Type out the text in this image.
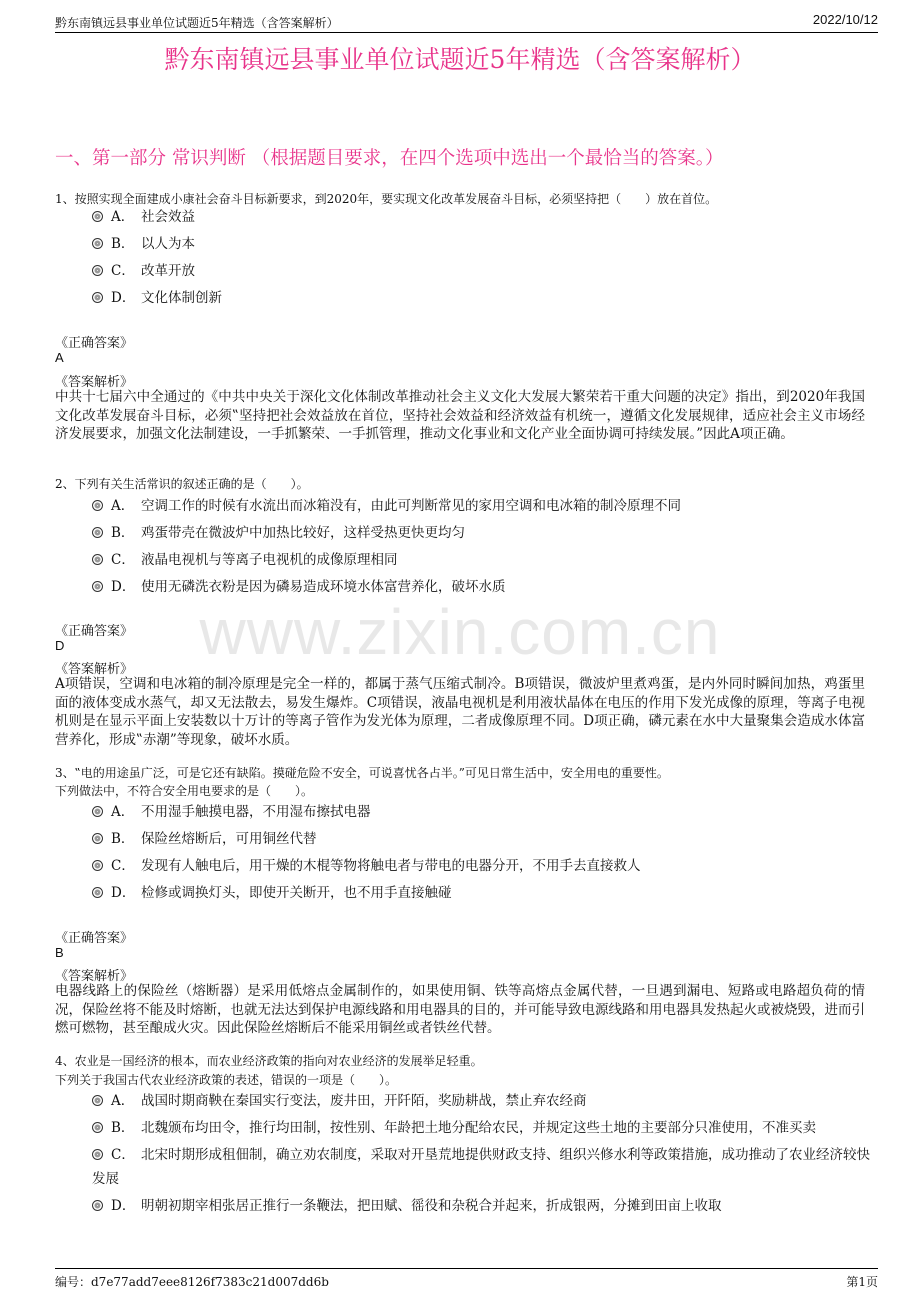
黔东南镇远县事业单位试题近5年精选（含答案解析）	2022/10/12
黔东南镇远县事业单位试题近5年精选（含答案解析）
一、第一部分 常识判断 （根据题目要求，在四个选项中选出一个最恰当的答案。）
www.zixin.com.cn
1、按照实现全面建成小康社会奋斗目标新要求，到2020年，要实现文化改革发展奋斗目标，必须坚持把（　　）放在首位。
A． 社会效益
B． 以人为本
C． 改革开放
D． 文化体制创新
《正确答案》
A
《答案解析》
中共十七届六中全通过的《中共中央关于深化文化体制改革推动社会主义文化大发展大繁荣若干重大问题的决定》指出，到2020年我国文化改革发展奋斗目标，必须‟坚持把社会效益放在首位，坚持社会效益和经济效益有机统一，遵循文化发展规律，适应社会主义市场经济发展要求，加强文化法制建设，一手抓繁荣、一手抓管理，推动文化事业和文化产业全面协调可持续发展。”因此A项正确。
2、下列有关生活常识的叙述正确的是（　　）。
A． 空调工作的时候有水流出而冰箱没有，由此可判断常见的家用空调和电冰箱的制冷原理不同
B． 鸡蛋带壳在微波炉中加热比较好，这样受热更快更均匀
C． 液晶电视机与等离子电视机的成像原理相同
D． 使用无磷洗衣粉是因为磷易造成环境水体富营养化，破坏水质
《正确答案》
D
《答案解析》
A项错误，空调和电冰箱的制冷原理是完全一样的，都属于蒸气压缩式制冷。B项错误，微波炉里煮鸡蛋，是内外同时瞬间加热，鸡蛋里面的液体变成水蒸气，却又无法散去，易发生爆炸。C项错误，液晶电视机是利用液状晶体在电压的作用下发光成像的原理，等离子电视机则是在显示平面上安装数以十万计的等离子管作为发光体为原理，二者成像原理不同。D项正确，磷元素在水中大量聚集会造成水体富营养化，形成‟赤潮”等现象，破坏水质。
3、‟电的用途虽广泛，可是它还有缺陷。摸碰危险不安全，可说喜忧各占半。”可见日常生活中，安全用电的重要性。
下列做法中，不符合安全用电要求的是（　　）。
A． 不用湿手触摸电器，不用湿布擦拭电器
B． 保险丝熔断后，可用铜丝代替
C． 发现有人触电后，用干燥的木棍等物将触电者与带电的电器分开，不用手去直接救人
D． 检修或调换灯头，即使开关断开，也不用手直接触碰
《正确答案》
B
《答案解析》
电器线路上的保险丝（熔断器）是采用低熔点金属制作的，如果使用铜、铁等高熔点金属代替，一旦遇到漏电、短路或电路超负荷的情况，保险丝将不能及时熔断，也就无法达到保护电源线路和用电器具的目的，并可能导致电源线路和用电器具发热起火或被烧毁，进而引燃可燃物，甚至酿成火灾。因此保险丝熔断后不能采用铜丝或者铁丝代替。
4、农业是一国经济的根本，而农业经济政策的指向对农业经济的发展举足轻重。
下列关于我国古代农业经济政策的表述，错误的一项是（　　）。
A． 战国时期商鞅在秦国实行变法，废井田，开阡陌，奖励耕战，禁止弃农经商
B． 北魏颁布均田令，推行均田制，按性别、年龄把土地分配给农民，并规定这些土地的主要部分只准使用，不准买卖
C． 北宋时期形成租佃制，确立劝农制度，采取对开垦荒地提供财政支持、组织兴修水利等政策措施，成功推动了农业经济较快发展
D． 明朝初期宰相张居正推行一条鞭法，把田赋、徭役和杂税合并起来，折成银两，分摊到田亩上收取
编号：d7e77add7eee8126f7383c21d007dd6b	第1页
